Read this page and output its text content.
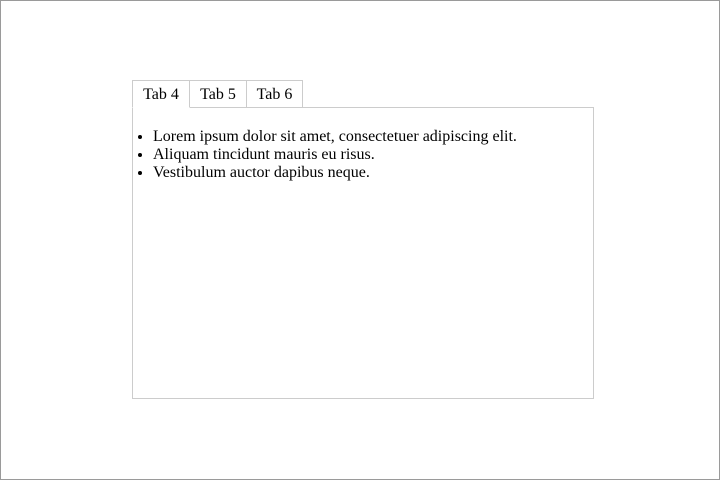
Tab 4	Tab 5	Tab 6
• Lorem ipsum dolor sit amet, consectetuer adipiscing elit.
• Aliquam tincidunt mauris eu risus.
• Vestibulum auctor dapibus neque.
